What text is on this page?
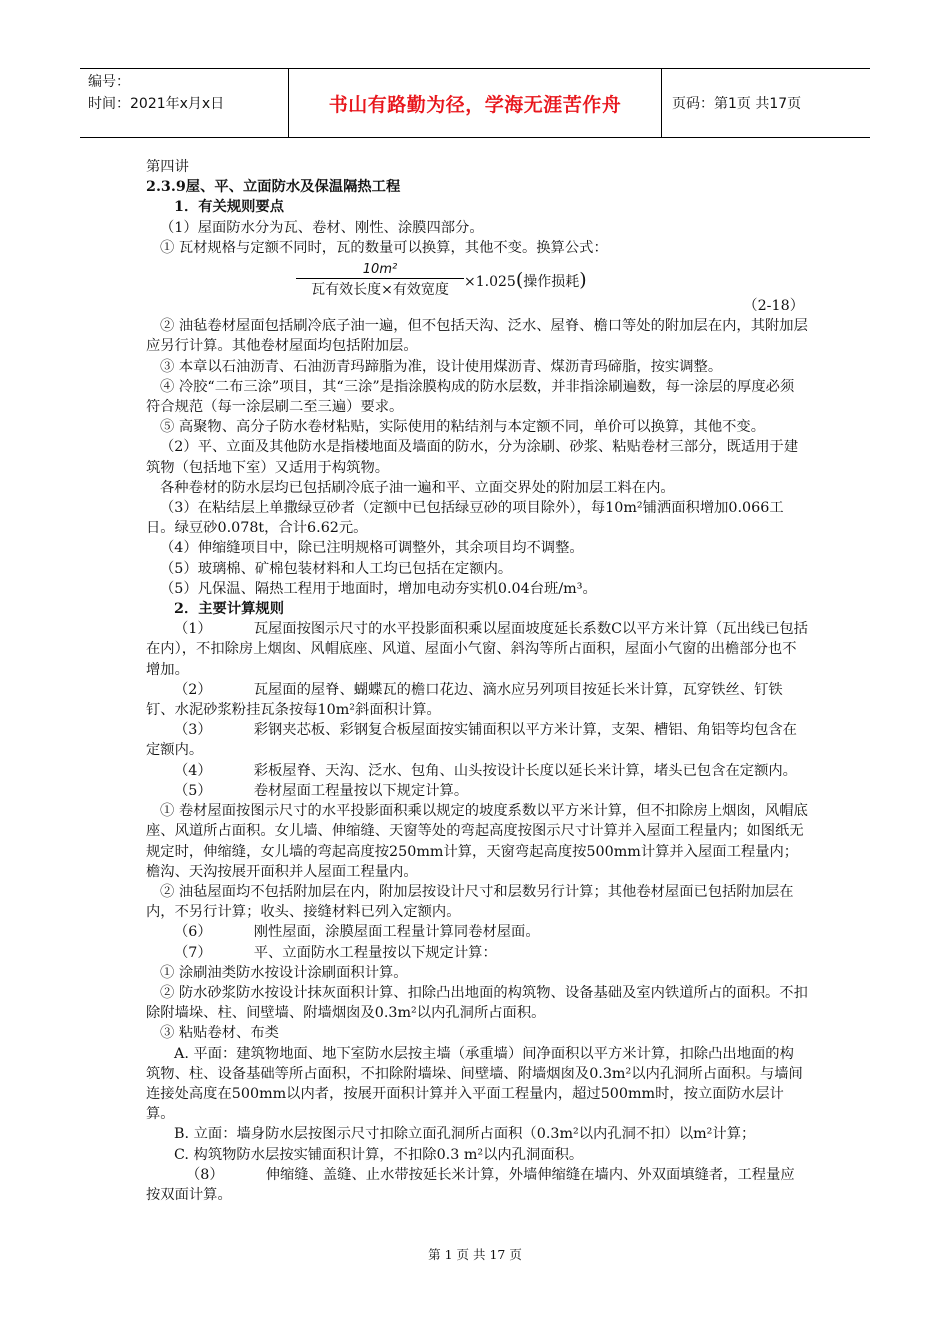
编号：
时间：2021年x月x日	书山有路勤为径，学海无涯苦作舟	页码：第1页 共17页

第四讲

2.3.9屋、平、立面防水及保温隔热工程

1．有关规则要点

（1）屋面防水分为瓦、卷材、刚性、涂膜四部分。

① 瓦材规格与定额不同时，瓦的数量可以换算，其他不变。换算公式：

10m²
瓦有效长度×有效宽度	×1.025(操作损耗)

（2-18）

② 油毡卷材屋面包括刷冷底子油一遍，但不包括天沟、泛水、屋脊、檐口等处的附加层在内，其附加层应另行计算。其他卷材屋面均包括附加层。

③ 本章以石油沥青、石油沥青玛蹄脂为准，设计使用煤沥青、煤沥青玛碲脂，按实调整。

④ 冷胶“二布三涂”项目，其“三涂”是指涂膜构成的防水层数，并非指涂刷遍数，每一涂层的厚度必须符合规范（每一涂层刷二至三遍）要求。

⑤ 高聚物、高分子防水卷材粘贴，实际使用的粘结剂与本定额不同，单价可以换算，其他不变。

（2）平、立面及其他防水是指楼地面及墙面的防水，分为涂刷、砂浆、粘贴卷材三部分，既适用于建筑物（包括地下室）又适用于构筑物。

各种卷材的防水层均已包括刷冷底子油一遍和平、立面交界处的附加层工料在内。

（3）在粘结层上单撒绿豆砂者（定额中已包括绿豆砂的项目除外），每10m²铺洒面积增加0.066工日。绿豆砂0.078t，合计6.62元。

（4）伸缩缝项目中，除已注明规格可调整外，其余项目均不调整。

（5）玻璃棉、矿棉包装材料和人工均已包括在定额内。

（5）凡保温、隔热工程用于地面时，增加电动夯实机0.04台班/m³。

2．主要计算规则

（1）	瓦屋面按图示尺寸的水平投影面积乘以屋面坡度延长系数C以平方米计算（瓦出线已包括在内），不扣除房上烟囱、风帽底座、风道、屋面小气窗、斜沟等所占面积，屋面小气窗的出檐部分也不增加。

（2）	瓦屋面的屋脊、蝴蝶瓦的檐口花边、滴水应另列项目按延长米计算，瓦穿铁丝、钉铁钉、水泥砂浆粉挂瓦条按每10m²斜面积计算。

（3）	彩钢夹芯板、彩钢复合板屋面按实铺面积以平方米计算，支架、槽铝、角铝等均包含在定额内。

（4）	彩板屋脊、天沟、泛水、包角、山头按设计长度以延长米计算，堵头已包含在定额内。

（5）	卷材屋面工程量按以下规定计算。

① 卷材屋面按图示尺寸的水平投影面积乘以规定的坡度系数以平方米计算，但不扣除房上烟囱，风帽底座、风道所占面积。女儿墙、伸缩缝、天窗等处的弯起高度按图示尺寸计算并入屋面工程量内；如图纸无规定时，伸缩缝，女儿墙的弯起高度按250mm计算，天窗弯起高度按500mm计算并入屋面工程量内；檐沟、天沟按展开面积并人屋面工程量内。

② 油毡屋面均不包括附加层在内，附加层按设计尺寸和层数另行计算；其他卷材屋面已包括附加层在内，不另行计算；收头、接缝材料已列入定额内。

（6）	刚性屋面，涂膜屋面工程量计算同卷材屋面。

（7）	平、立面防水工程量按以下规定计算：

① 涂刷油类防水按设计涂刷面积计算。

② 防水砂浆防水按设计抹灰面积计算、扣除凸出地面的构筑物、设备基础及室内铁道所占的面积。不扣除附墙垛、柱、间壁墙、附墙烟囱及0.3m²以内孔洞所占面积。

③ 粘贴卷材、布类

A. 平面：建筑物地面、地下室防水层按主墙（承重墙）间净面积以平方米计算，扣除凸出地面的构筑物、柱、设备基础等所占面积，不扣除附墙垛、间壁墙、附墙烟囱及0.3m²以内孔洞所占面积。与墙间连接处高度在500mm以内者，按展开面积计算并入平面工程量内，超过500mm时，按立面防水层计算。

B. 立面：墙身防水层按图示尺寸扣除立面孔洞所占面积（0.3m²以内孔洞不扣）以m²计算；

C. 构筑物防水层按实铺面积计算，不扣除0.3 m²以内孔洞面积。

（8）	伸缩缝、盖缝、止水带按延长米计算，外墙伸缩缝在墙内、外双面填缝者，工程量应按双面计算。

第 1 页 共 17 页
